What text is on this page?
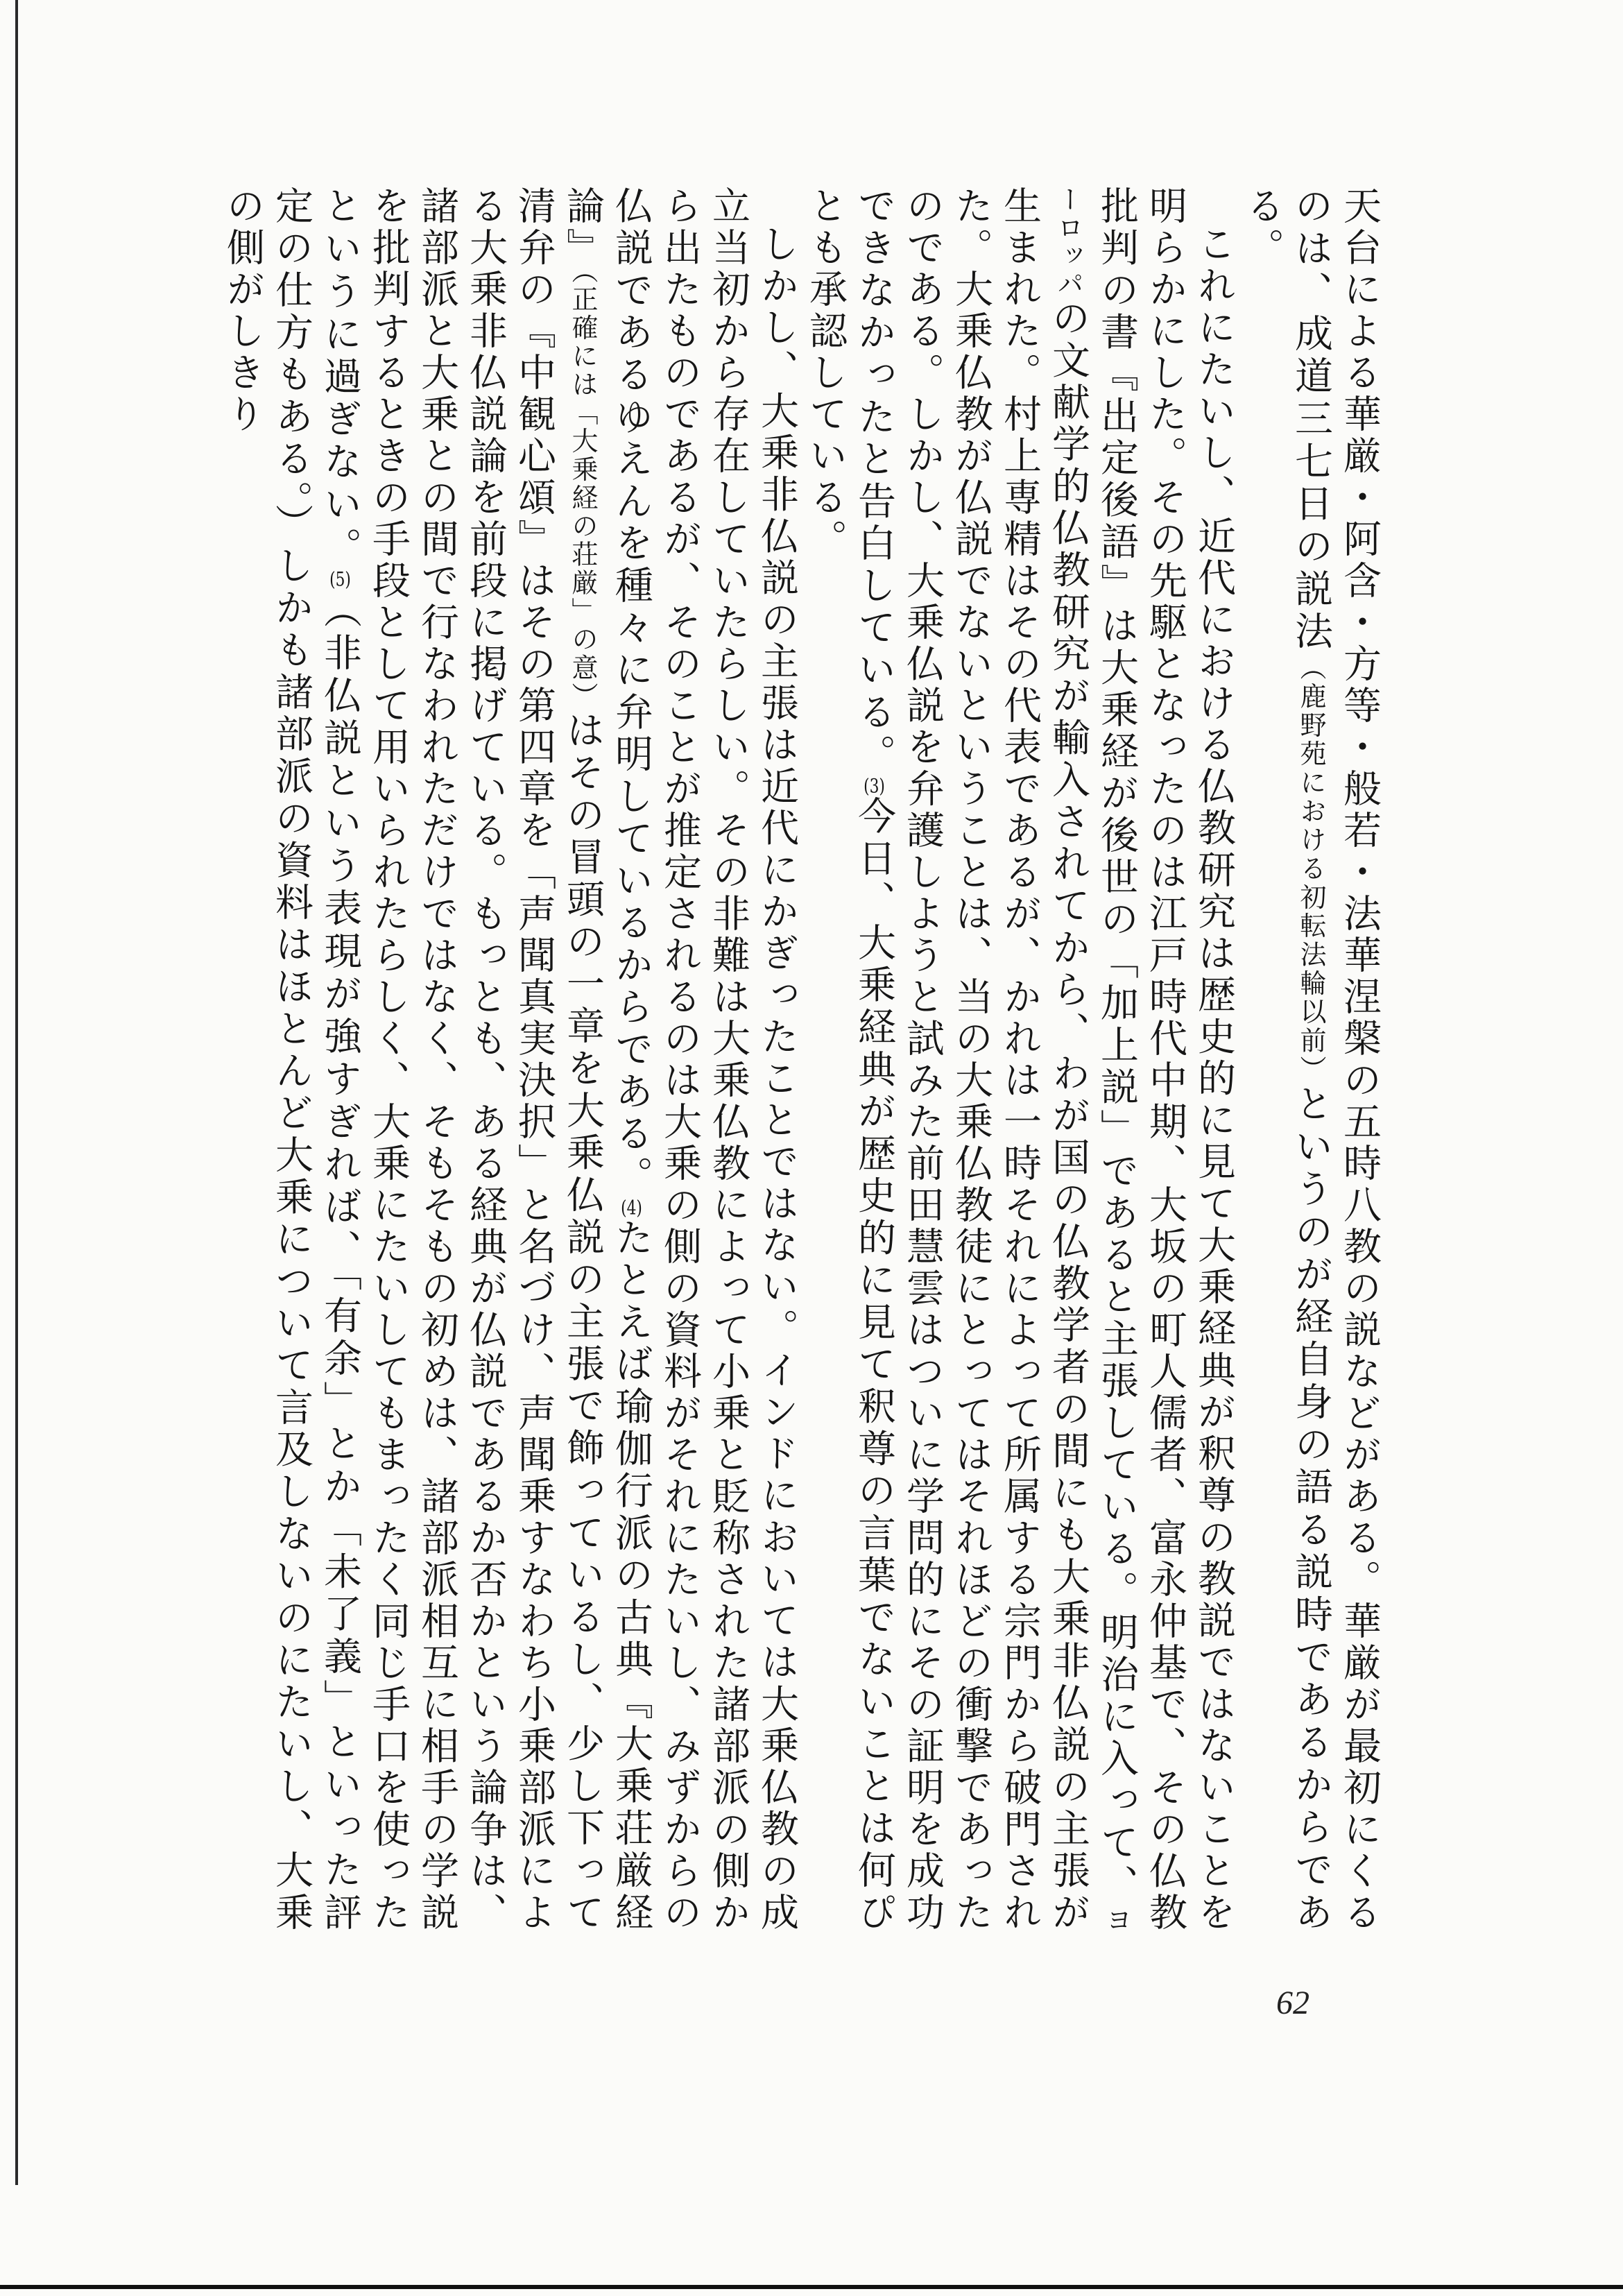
天台による華厳・阿含・方等・般若・法華涅槃の五時八教の説などがある。華厳が最初にくるのは、成道三七日の説法（鹿野苑における初転法輪以前）というのが経自身の語る説時であるからである。

これにたいし、近代における仏教研究は歴史的に見て大乗経典が釈尊の教説ではないことを明らかにした。その先駆となったのは江戸時代中期、大坂の町人儒者、富永仲基で、その仏教批判の書『出定後語』は大乗経が後世の「加上説」であると主張している。明治に入って、ヨーロッパの文献学的仏教研究が輸入されてから、わが国の仏教学者の間にも大乗非仏説の主張が生まれた。村上専精はその代表であるが、かれは一時それによって所属する宗門から破門された。大乗仏教が仏説でないということは、当の大乗仏教徒にとってはそれほどの衝撃であったのである。しかし、大乗仏説を弁護しようと試みた前田慧雲はついに学問的にその証明を成功できなかったと告白している。(3)今日、大乗経典が歴史的に見て釈尊の言葉でないことは何ぴとも承認している。

しかし、大乗非仏説の主張は近代にかぎったことではない。インドにおいては大乗仏教の成立当初から存在していたらしい。その非難は大乗仏教によって小乗と貶称された諸部派の側から出たものであるが、そのことが推定されるのは大乗の側の資料がそれにたいし、みずからの仏説であるゆえんを種々に弁明しているからである。(4)たとえば瑜伽行派の古典『大乗荘厳経論』（正確には「大乗経の荘厳」の意）はその冒頭の一章を大乗仏説の主張で飾っているし、少し下って清弁の『中観心頌』はその第四章を「声聞真実決択」と名づけ、声聞乗すなわち小乗部派による大乗非仏説論を前段に掲げている。もっとも、ある経典が仏説であるか否かという論争は、諸部派と大乗との間で行なわれただけではなく、そもそもの初めは、諸部派相互に相手の学説を批判するときの手段として用いられたらしく、大乗にたいしてもまったく同じ手口を使ったというに過ぎない。(5)（非仏説という表現が強すぎれば、「有余」とか「未了義」といった評定の仕方もある。）しかも諸部派の資料はほとんど大乗について言及しないのにたいし、大乗の側がしきり

62
